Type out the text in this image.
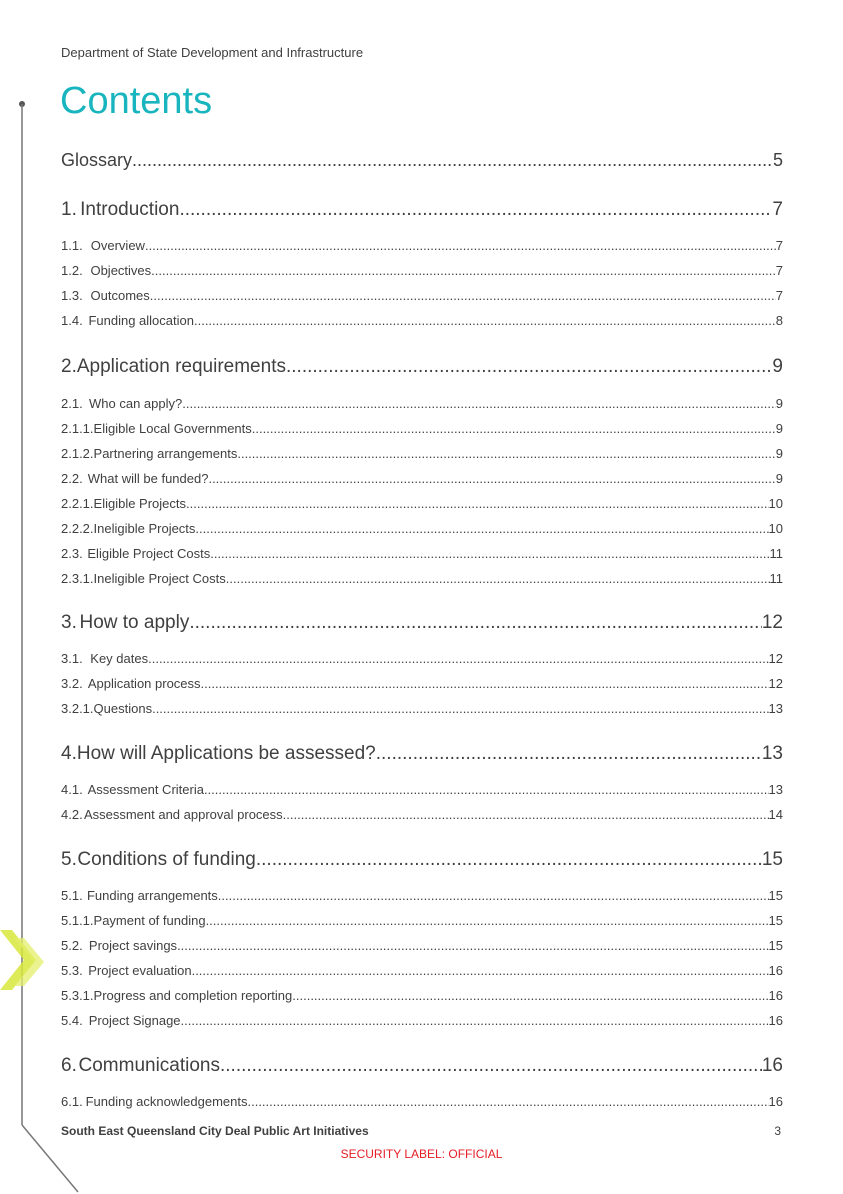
Department of State Development and Infrastructure
Contents
Glossary .....	5
1. Introduction .....	7
1.1. Overview .....	7
1.2. Objectives .....	7
1.3. Outcomes .....	7
1.4. Funding allocation .....	8
2. Application requirements .....	9
2.1. Who can apply? .....	9
2.1.1. Eligible Local Governments .....	9
2.1.2. Partnering arrangements .....	9
2.2. What will be funded? .....	9
2.2.1. Eligible Projects .....	10
2.2.2. Ineligible Projects .....	10
2.3. Eligible Project Costs .....	11
2.3.1. Ineligible Project Costs .....	11
3. How to apply .....	12
3.1. Key dates .....	12
3.2. Application process .....	12
3.2.1. Questions .....	13
4. How will Applications be assessed? .....	13
4.1. Assessment Criteria .....	13
4.2. Assessment and approval process .....	14
5. Conditions of funding .....	15
5.1. Funding arrangements .....	15
5.1.1. Payment of funding .....	15
5.2. Project savings .....	15
5.3. Project evaluation .....	16
5.3.1. Progress and completion reporting .....	16
5.4. Project Signage .....	16
6. Communications .....	16
6.1. Funding acknowledgements .....	16
South East Queensland City Deal Public Art Initiatives	3
SECURITY LABEL: OFFICIAL
